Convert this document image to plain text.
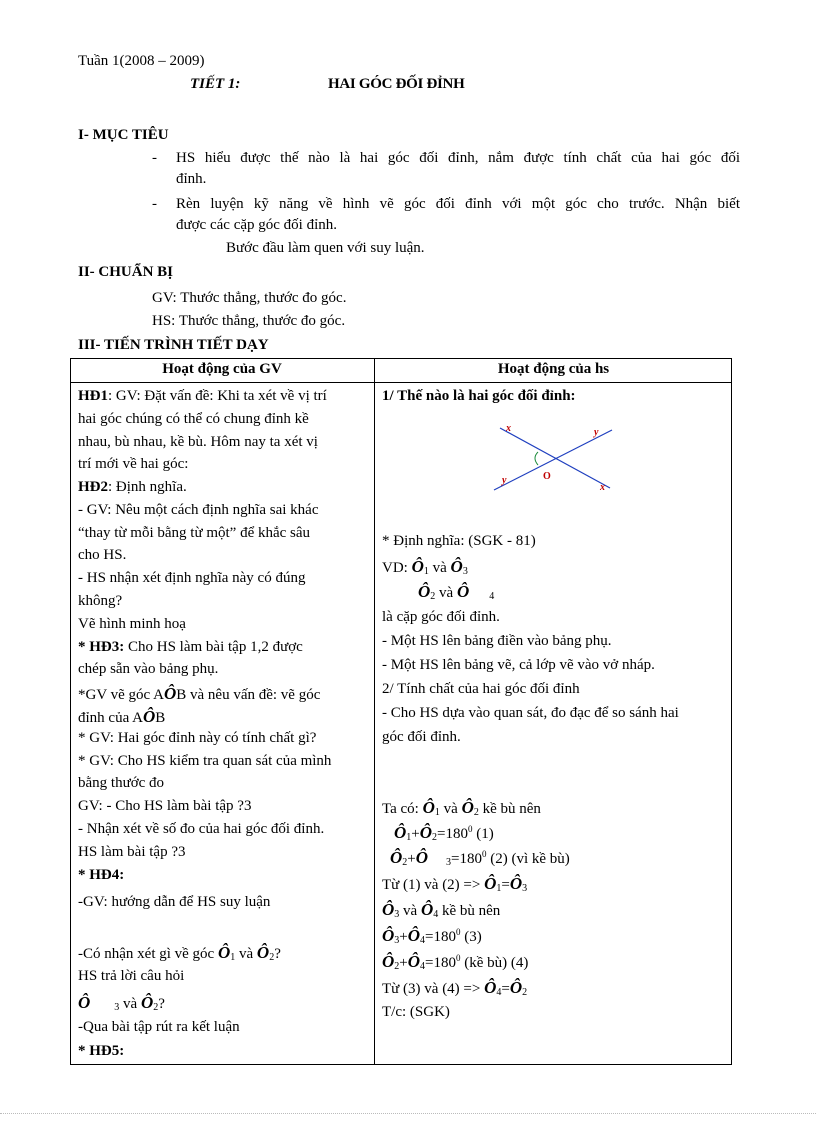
Tuần 1(2008 – 2009)
TIẾT 1:	HAI GÓC ĐỐI ĐỈNH
I- MỤC TIÊU
- HS hiểu được thế nào là hai góc đối đỉnh, nắm được tính chất của hai góc đối
đỉnh.
- Rèn luyện kỹ năng về hình vẽ góc đối đỉnh với một góc cho trước. Nhận biết
được các cặp góc đối đỉnh.
Bước đầu làm quen với suy luận.
II- CHUẨN BỊ
GV: Thước thẳng, thước đo góc.
HS: Thước thẳng, thước đo góc.
III- TIẾN TRÌNH TIẾT DẠY
Hoạt động của GV	Hoạt động của hs
HĐ1: GV: Đặt vấn đề: Khi ta xét về vị trí
hai góc chúng có thể có chung đỉnh kề
nhau, bù nhau, kề bù. Hôm nay ta xét vị
trí mới về hai góc:
HĐ2: Định nghĩa.
- GV: Nêu một cách định nghĩa sai khác
“thay từ mỗi bằng từ một” để khắc sâu
cho HS.
- HS nhận xét định nghĩa này có đúng
không?
Vẽ hình minh hoạ
* HĐ3: Cho HS làm bài tập 1,2 được
chép sẵn vào bảng phụ.
*GV vẽ góc AÔB và nêu vấn đề: vẽ góc
đỉnh của AÔB
* GV: Hai góc đỉnh này có tính chất gì?
* GV: Cho HS kiểm tra quan sát của mình
bằng thước đo
GV: - Cho HS làm bài tập ?3
- Nhận xét về số đo của hai góc đối đỉnh.
HS làm bài tập ?3
* HĐ4:
-GV: hướng dẫn để HS suy luận
-Có nhận xét gì về góc $Ô_1$ và $Ô_2$?
HS trả lời câu hỏi
Ô $_3$ và $Ô_2$?
-Qua bài tập rút ra kết luận
* HĐ5:
1/ Thế nào là hai góc đối đỉnh:
x	y
y
x
O
* Định nghĩa: (SGK - 81)
VD: $Ô_1$ và $Ô_3$
$Ô_2$ và Ô $_4$
là cặp góc đối đỉnh.
- Một HS lên bảng điền vào bảng phụ.
- Một HS lên bảng vẽ, cả lớp vẽ vào vở nháp.
2/ Tính chất của hai góc đối đỉnh
- Cho HS dựa vào quan sát, đo đạc để so sánh hai
góc đối đỉnh.
Ta có: $Ô_1$ và $Ô_2$ kề bù nên
$Ô_1+Ô_2=180^0$ (1)
$Ô_2+Ô$ $_3=180^0$ (2) (vì kề bù)
Từ (1) và $(2) => Ô_1=Ô_3$
$Ô_3$ và $Ô_4$ kề bù nên
$Ô_3+Ô_4=180^0$ (3)
$Ô_2+Ô_4=180^0$ (kề bù) (4)
Từ (3) và $(4) => Ô_4=Ô_2$
T/c: (SGK)
